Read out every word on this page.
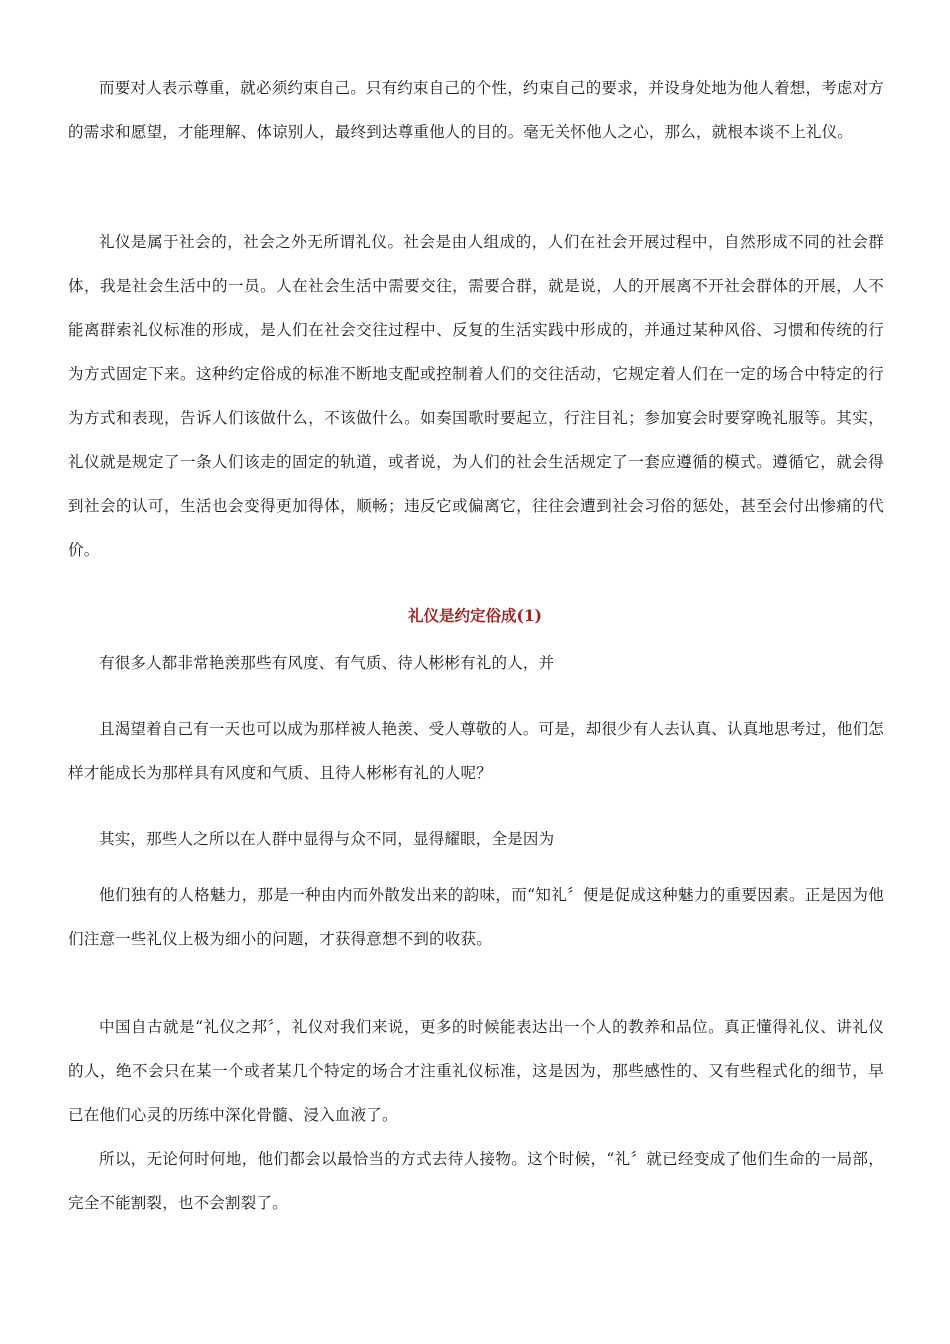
而要对人表示尊重，就必须约束自己。只有约束自己的个性，约束自己的要求，并设身处地为他人着想，考虑对方的需求和愿望，才能理解、体谅别人，最终到达尊重他人的目的。毫无关怀他人之心，那么，就根本谈不上礼仪。

礼仪是属于社会的，社会之外无所谓礼仪。社会是由人组成的，人们在社会开展过程中，自然形成不同的社会群体，我是社会生活中的一员。人在社会生活中需要交往，需要合群，就是说，人的开展离不开社会群体的开展，人不能离群索礼仪标准的形成，是人们在社会交往过程中、反复的生活实践中形成的，并通过某种风俗、习惯和传统的行为方式固定下来。这种约定俗成的标准不断地支配或控制着人们的交往活动，它规定着人们在一定的场合中特定的行为方式和表现，告诉人们该做什么，不该做什么。如奏国歌时要起立，行注目礼；参加宴会时要穿晚礼服等。其实，礼仪就是规定了一条人们该走的固定的轨道，或者说，为人们的社会生活规定了一套应遵循的模式。遵循它，就会得到社会的认可，生活也会变得更加得体，顺畅；违反它或偏离它，往往会遭到社会习俗的惩处，甚至会付出惨痛的代价。

礼仪是约定俗成(1)

有很多人都非常艳羡那些有风度、有气质、待人彬彬有礼的人，并

且渴望着自己有一天也可以成为那样被人艳羡、受人尊敬的人。可是，却很少有人去认真、认真地思考过，他们怎样才能成长为那样具有风度和气质、且待人彬彬有礼的人呢？

其实，那些人之所以在人群中显得与众不同，显得耀眼，全是因为

他们独有的人格魅力，那是一种由内而外散发出来的韵味，而“知礼〞便是促成这种魅力的重要因素。正是因为他们注意一些礼仪上极为细小的问题，才获得意想不到的收获。

中国自古就是“礼仪之邦〞，礼仪对我们来说，更多的时候能表达出一个人的教养和品位。真正懂得礼仪、讲礼仪的人，绝不会只在某一个或者某几个特定的场合才注重礼仪标准，这是因为，那些感性的、又有些程式化的细节，早已在他们心灵的历练中深化骨髓、浸入血液了。

所以，无论何时何地，他们都会以最恰当的方式去待人接物。这个时候，“礼〞就已经变成了他们生命的一局部，完全不能割裂，也不会割裂了。
